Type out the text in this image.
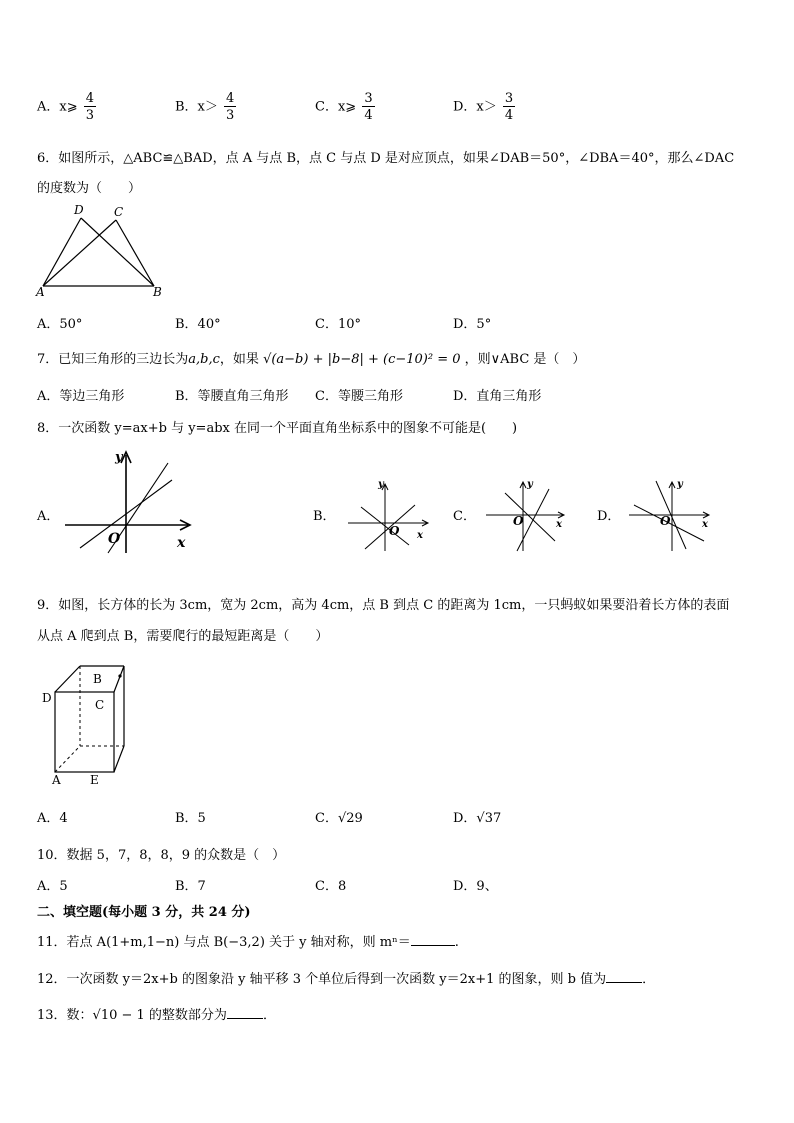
A．x⩾ $\frac{4}{3}$	B．$x> \frac{4}{3}$	C．x⩾ $\frac{3}{4}$	D．$x> \frac{3}{4}$
6．如图所示，△ABC≌△BAD，点 A 与点 B，点 C 与点 D 是对应顶点，如果∠DAB＝50°，∠DBA＝40°，那么∠DAC
的度数为（　　）
D	C
A	B
A．50°	B．40°	C．10°	D．5°
7．已知三角形的三边长为a,b,c，如果 √(a−b) + |b−8| + (c−10)² = 0 ，则∨ABC 是（　）
A．等边三角形	B．等腰直角三角形 C．等腰三角形	D．直角三角形
8．一次函数 y=ax+b 与 y=abx 在同一个平面直角坐标系中的图象不可能是(　　)
A．
y
x
O
B．
y
x
O
C．
y
x
O	D．
y
x
O
9．如图，长方体的长为 3cm，宽为 2cm，高为 4cm，点 B 到点 C 的距离为 1cm，一只蚂蚁如果要沿着长方体的表面
从点 A 爬到点 B，需要爬行的最短距离是（　　）
B
D	C
A E
A．4	B．5	C．√29	D．√37
10．数据 5，7，8，8，9 的众数是（　）
A．5	B．7	C．8	D．9、
二、填空题(每小题 3 分，共 24 分)
11．若点 A(1+m,1−n) 与点 B(−3,2) 关于 y 轴对称，则 mⁿ＝	.
12．一次函数 y＝2x+b 的图象沿 y 轴平移 3 个单位后得到一次函数 y＝2x+1 的图象，则 b 值为	．
13．数：√10 − 1 的整数部分为	．
